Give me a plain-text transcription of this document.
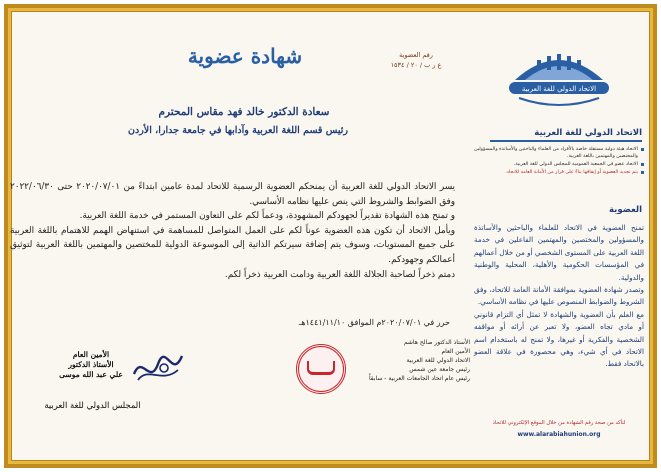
شهادة عضوية	رقم العضوية
ع ر ب / ٢٠ / ١٥٣٤
سعادة الدكتور خالد فهد مقاس المحترم
رئيس قسم اللغة العربية وآدابها في جامعة جدارا، الأردن

يسر الاتحاد الدولي للغة العربية أن يمنحكم العضوية الرسمية للاتحاد لمدة عامين ابتداءً من ٢٠٢٠/٠٧/٠١ حتى ٢٠٢٢/٠٦/٣٠ وفق الضوابط والشروط التي ينص عليها نظامه الأساسي.

و تمنح هذه الشهادة تقديراً لجهودكم المشهودة، ودعماً لكم على التعاون المستمر في خدمة اللغة العربية.

ويأمل الاتحاد أن تكون هذه العضوية عوناً لكم على العمل المتواصل للمساهمة في استنهاض الهمم للاهتمام باللغة العربية على جميع المستويات، وسوف يتم إضافة سيرتكم الذاتية إلى الموسوعة الدولية للمختصين والمهتمين باللغة العربية لتوثيق أعمالكم وجهودكم.

دمتم ذخراً لصاحبة الجلالة اللغة العربية ودامت العربية ذخراً لكم.

حرر في ٢٠٢٠/٠٧/٠١م الموافق ١٤٤١/١١/١٠هـ
الأمين العام
الأستاذ الدكتور
علي عبد الله موسى
المجلس الدولي للغة العربية
الأستاذ الدكتور صالح هاشم
الأمين العام
الاتحاد الدولي للغة العربية
رئيس جامعة عين شمس
رئيس عام اتحاد الجامعات العربية - سابقاً
الاتحاد الدولي للغة العربية
الاتحاد الدولي للغة العربية
الاتحاد هيئة دولية مستقلة خاصة بالأفراد من العلماء والباحثين والأساتذة والمسؤولين والمختصين والمهتمين باللغة العربية.
الاتحاد عضو في الجمعية العمومية للمجلس الدولي للغة العربية.
يتم تجديد العضوية أو إيقافها بناءً على قرار من الأمانة العامة للاتحاد.
العضوية

تمنح العضوية في الاتحاد للعلماء والباحثين والأساتذة والمسؤولين والمختصين والمهتمين الفاعلين في خدمة اللغة العربية على المستوى الشخصي أو من خلال أعمالهم في المؤسسات الحكومية والأهلية، المحلية والوطنية والدولية.

وتصدر شهادة العضوية بموافقة الأمانة العامة للاتحاد، وفق الشروط والضوابط المنصوص عليها في نظامه الأساسي.

مع العلم بأن العضوية والشهادة لا تمثل أي التزام قانوني أو مادي تجاه العضو، ولا تعبر عن أرائه أو مواقفه الشخصية والفكرية أو غيرها، ولا تمنح له باستخدام اسم الاتحاد في أي شيء، وهي محصورة في علاقة العضو بالاتحاد فقط.

لتأكد من صحة رقم الشهادة من خلال الموقع الإلكتروني للاتحاد
www.alarabiahunion.org
